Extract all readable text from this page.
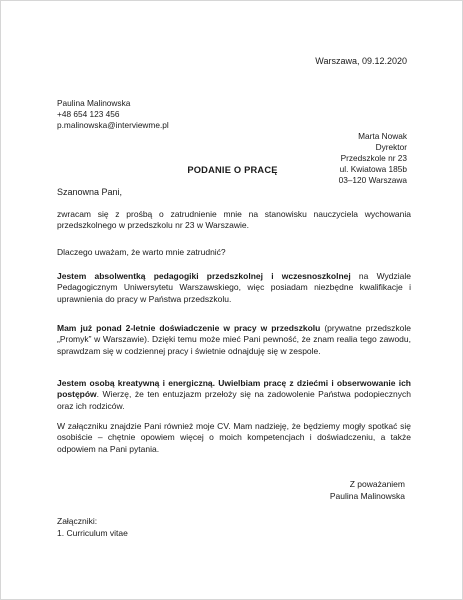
Warszawa, 09.12.2020
Paulina Malinowska
+48 654 123 456
p.malinowska@interviewme.pl
Marta Nowak
Dyrektor
Przedszkole nr 23
ul. Kwiatowa 185b
03–120 Warszawa
PODANIE O PRACĘ
Szanowna Pani,
zwracam się z prośbą o zatrudnienie mnie na stanowisku nauczyciela wychowania przedszkolnego w przedszkolu nr 23 w Warszawie.
Dlaczego uważam, że warto mnie zatrudnić?
Jestem absolwentką pedagogiki przedszkolnej i wczesnoszkolnej na Wydziale Pedagogicznym Uniwersytetu Warszawskiego, więc posiadam niezbędne kwalifikacje i uprawnienia do pracy w Państwa przedszkolu.
Mam już ponad 2-letnie doświadczenie w pracy w przedszkolu (prywatne przedszkole „Promyk” w Warszawie). Dzięki temu może mieć Pani pewność, że znam realia tego zawodu, sprawdzam się w codziennej pracy i świetnie odnajduję się w zespole.
Jestem osobą kreatywną i energiczną. Uwielbiam pracę z dziećmi i obserwowanie ich postępów. Wierzę, że ten entuzjazm przełoży się na zadowolenie Państwa podopiecznych oraz ich rodziców.
W załączniku znajdzie Pani również moje CV. Mam nadzieję, że będziemy mogły spotkać się osobiście – chętnie opowiem więcej o moich kompetencjach i doświadczeniu, a także odpowiem na Pani pytania.
Z poważaniem
Paulina Malinowska
Załączniki:
1. Curriculum vitae
